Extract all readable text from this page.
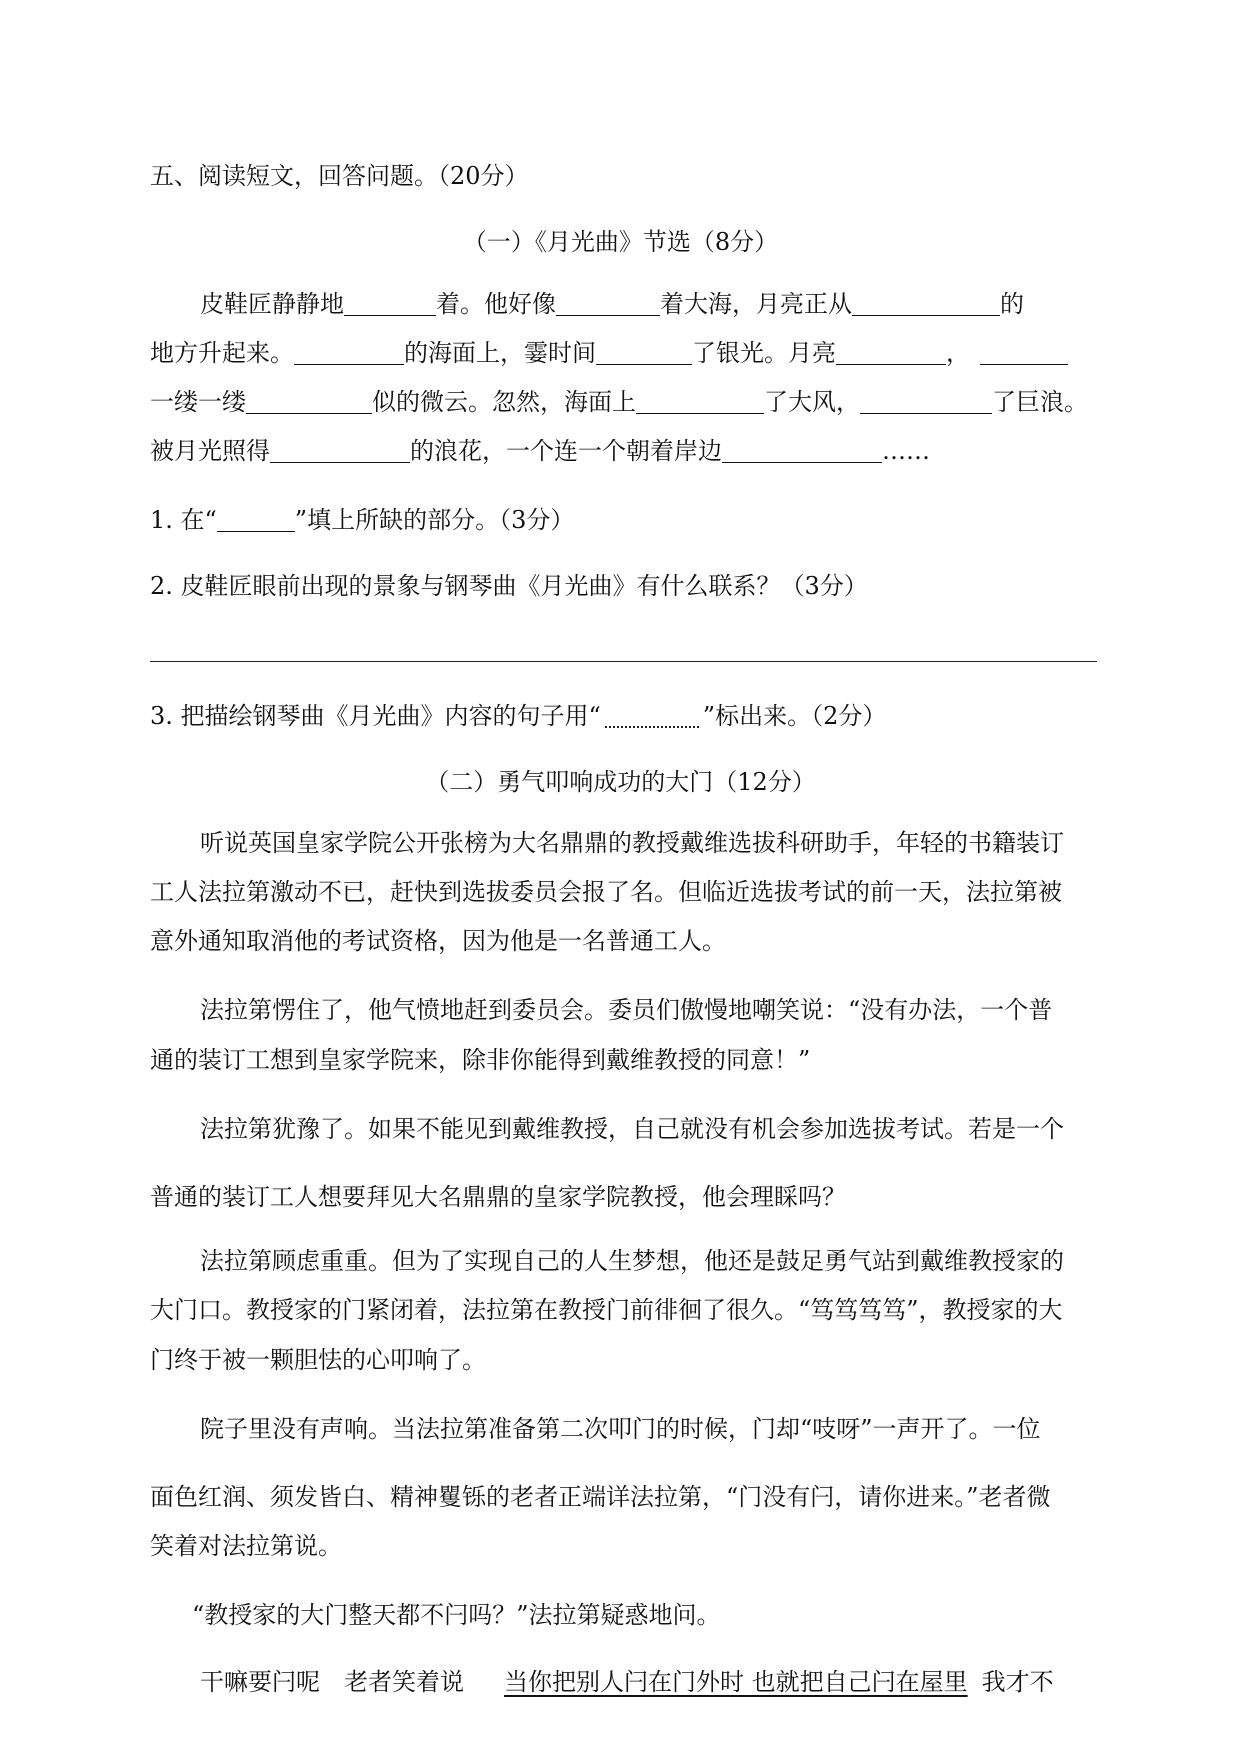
五、阅读短文，回答问题。（20分）
（一）《月光曲》节选（8分）
皮鞋匠静静地	着。他好像	着大海，月亮正从	的
地方升起来。	的海面上，霎时间	了银光。月亮	，
一缕一缕	似的微云。忽然，海面上	了大风，	了巨浪。
被月光照得	的浪花，一个连一个朝着岸边	……
1. 在“	”填上所缺的部分。（3分）
2. 皮鞋匠眼前出现的景象与钢琴曲《月光曲》有什么联系？（3分）
3. 把描绘钢琴曲《月光曲》内容的句子用“	”标出来。（2分）
（二）勇气叩响成功的大门（12分）
听说英国皇家学院公开张榜为大名鼎鼎的教授戴维选拔科研助手，年轻的书籍装订
工人法拉第激动不已，赶快到选拔委员会报了名。但临近选拔考试的前一天，法拉第被
意外通知取消他的考试资格，因为他是一名普通工人。
法拉第愣住了，他气愤地赶到委员会。委员们傲慢地嘲笑说：“没有办法，一个普
通的装订工想到皇家学院来，除非你能得到戴维教授的同意！”
法拉第犹豫了。如果不能见到戴维教授，自己就没有机会参加选拔考试。若是一个
普通的装订工人想要拜见大名鼎鼎的皇家学院教授，他会理睬吗？
法拉第顾虑重重。但为了实现自己的人生梦想，他还是鼓足勇气站到戴维教授家的
大门口。教授家的门紧闭着，法拉第在教授门前徘徊了很久。“笃笃笃笃”，教授家的大
门终于被一颗胆怯的心叩响了。
院子里没有声响。当法拉第准备第二次叩门的时候，门却“吱呀”一声开了。一位
面色红润、须发皆白、精神矍铄的老者正端详法拉第，“门没有闩，请你进来。”老者微
笑着对法拉第说。
“教授家的大门整天都不闩吗？”法拉第疑惑地问。
干嘛要闩呢 老者笑着说 当你把别人闩在门外时 也就把自己闩在屋里 我才不
